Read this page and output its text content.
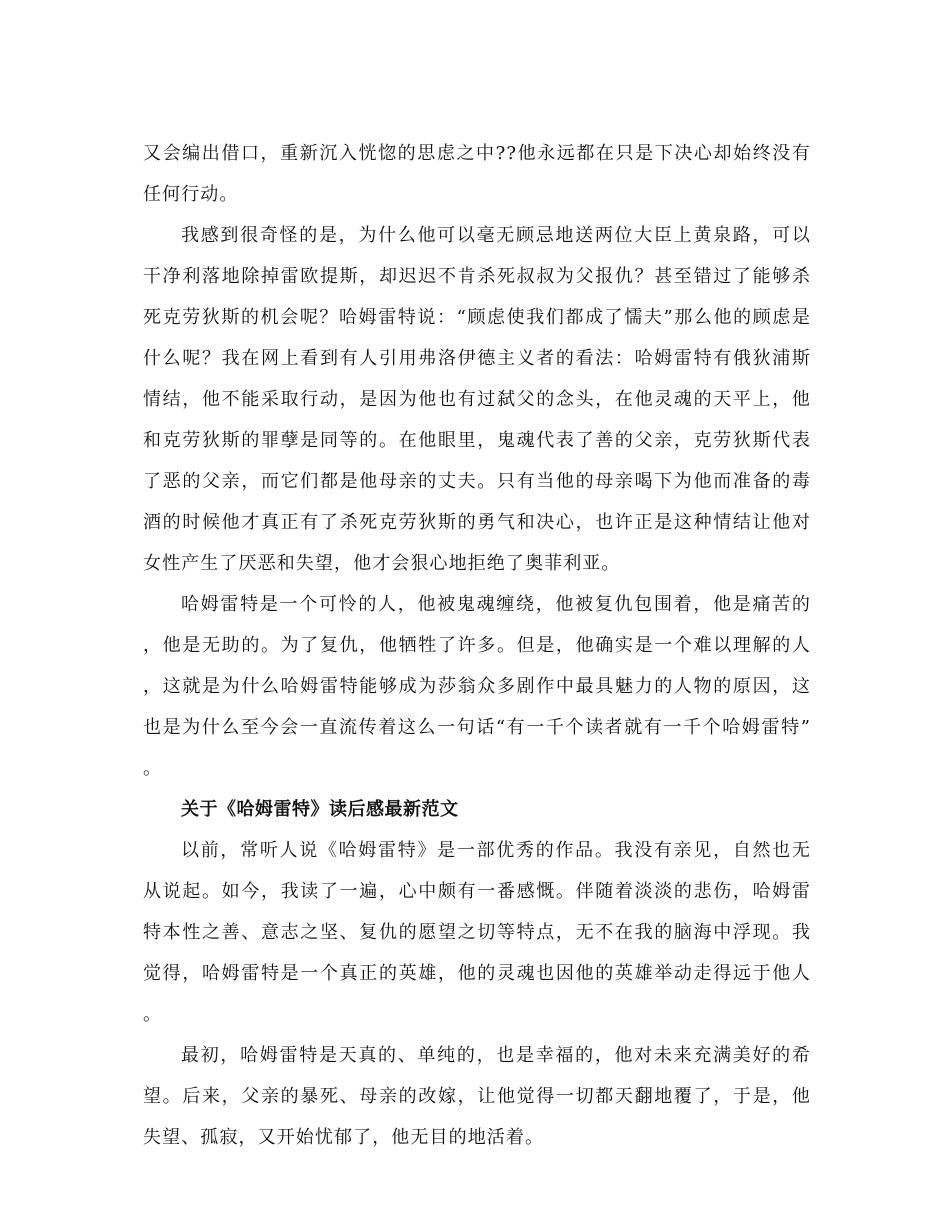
又会编出借口，重新沉入恍惚的思虑之中??他永远都在只是下决心却始终没有任何行动。

我感到很奇怪的是，为什么他可以毫无顾忌地送两位大臣上黄泉路，可以干净利落地除掉雷欧提斯，却迟迟不肯杀死叔叔为父报仇？甚至错过了能够杀死克劳狄斯的机会呢？哈姆雷特说：“顾虑使我们都成了懦夫”那么他的顾虑是什么呢？我在网上看到有人引用弗洛伊德主义者的看法：哈姆雷特有俄狄浦斯情结，他不能采取行动，是因为他也有过弑父的念头，在他灵魂的天平上，他和克劳狄斯的罪孽是同等的。在他眼里，鬼魂代表了善的父亲，克劳狄斯代表了恶的父亲，而它们都是他母亲的丈夫。只有当他的母亲喝下为他而准备的毒酒的时候他才真正有了杀死克劳狄斯的勇气和决心，也许正是这种情结让他对女性产生了厌恶和失望，他才会狠心地拒绝了奥菲利亚。

哈姆雷特是一个可怜的人，他被鬼魂缠绕，他被复仇包围着，他是痛苦的，他是无助的。为了复仇，他牺牲了许多。但是，他确实是一个难以理解的人，这就是为什么哈姆雷特能够成为莎翁众多剧作中最具魅力的人物的原因，这也是为什么至今会一直流传着这么一句话“有一千个读者就有一千个哈姆雷特”。

关于《哈姆雷特》读后感最新范文

以前，常听人说《哈姆雷特》是一部优秀的作品。我没有亲见，自然也无从说起。如今，我读了一遍，心中颇有一番感慨。伴随着淡淡的悲伤，哈姆雷特本性之善、意志之坚、复仇的愿望之切等特点，无不在我的脑海中浮现。我觉得，哈姆雷特是一个真正的英雄，他的灵魂也因他的英雄举动走得远于他人。

最初，哈姆雷特是天真的、单纯的，也是幸福的，他对未来充满美好的希望。后来，父亲的暴死、母亲的改嫁，让他觉得一切都天翻地覆了，于是，他失望、孤寂，又开始忧郁了，他无目的地活着。
